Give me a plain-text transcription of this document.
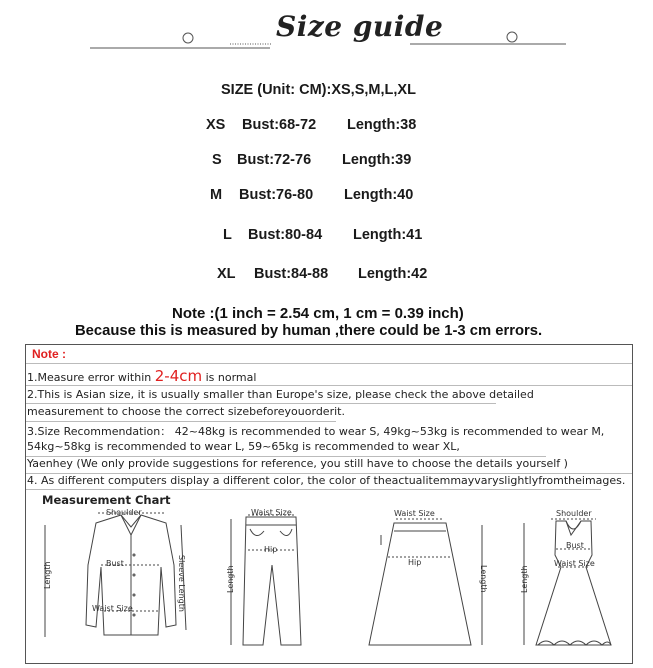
Size guide
SIZE (Unit: CM):XS,S,M,L,XL
XS Bust:68-72 Length:38
S Bust:72-76 Length:39
M Bust:76-80 Length:40
L Bust:80-84 Length:41
XL Bust:84-88 Length:42
Note :(1 inch = 2.54 cm, 1 cm = 0.39 inch)
Because this is measured by human ,there could be 1-3 cm errors.
Note :
1.Measure error within 2-4cm is normal
2.This is Asian size, it is usually smaller than Europe's size, please check the above detailed
measurement to choose the correct sizebeforeyouorderit.
3.Size Recommendation： 42~48kg is recommended to wear S, 49kg~53kg is recommended to wear M,
54kg~58kg is recommended to wear L, 59~65kg is recommended to wear XL,
Yaenhey (We only provide suggestions for reference, you still have to choose the details yourself )
4. As different computers display a different color, the color of theactualitemmayvaryslightlyfromtheimages.
Measurement Chart
Shoulder
Bust
Waist Size
Length	Sleeve Length
Waist Size
Hip
Length
Waist Size
Hip
Length
Shoulder
Bust
Waist Size
Length
